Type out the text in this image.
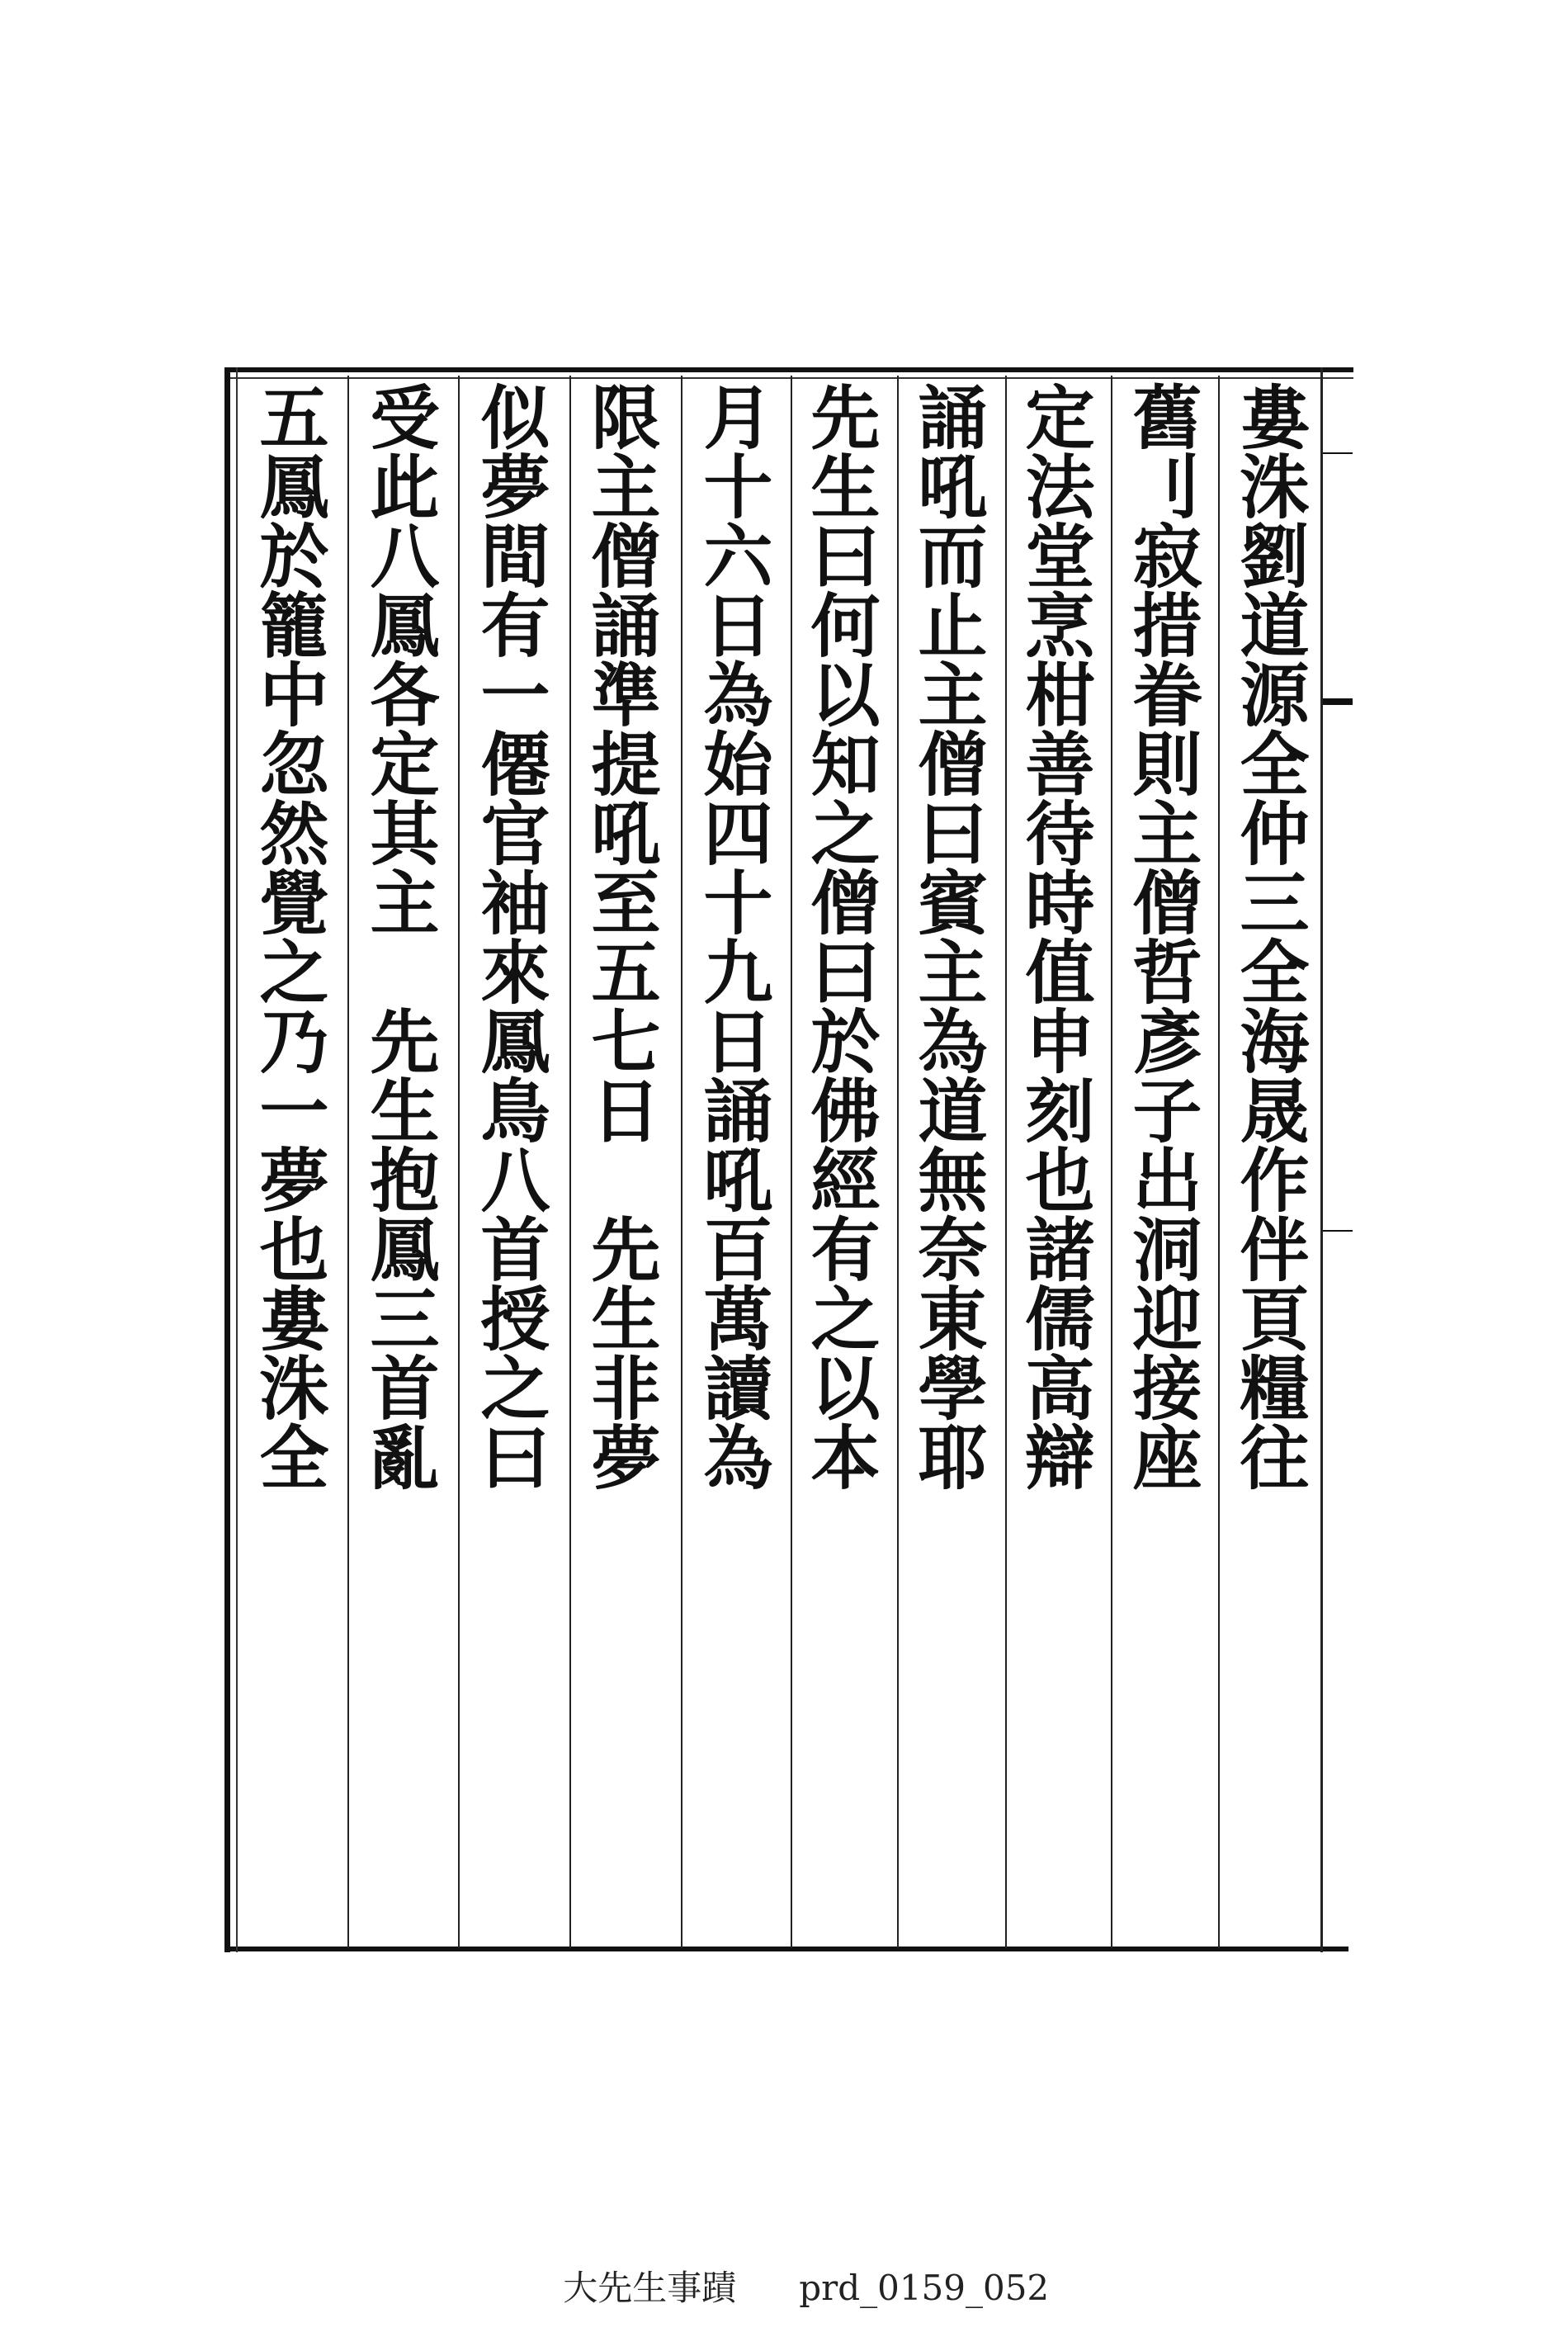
婁洙劉道源全仲三全海晟作伴頁糧往
舊刂寂措眷則主僧哲彥子出洞迎接座
定法堂烹柑善待時值申刻也諸儒高辯
誦吼而止主僧曰賓主為道無奈東學耶
先生曰何以知之僧曰於佛經有之以本
月十六日為始四十九日誦吼百萬讀為
限主僧誦準提吼至五七日　先生非夢
似夢間有一僊官袖來鳳鳥八首授之曰
受此八鳳各定其主　先生抱鳳三首亂
五鳳於籠中忽然覺之乃一夢也婁洙全

大先生事蹟 prd_0159_052
